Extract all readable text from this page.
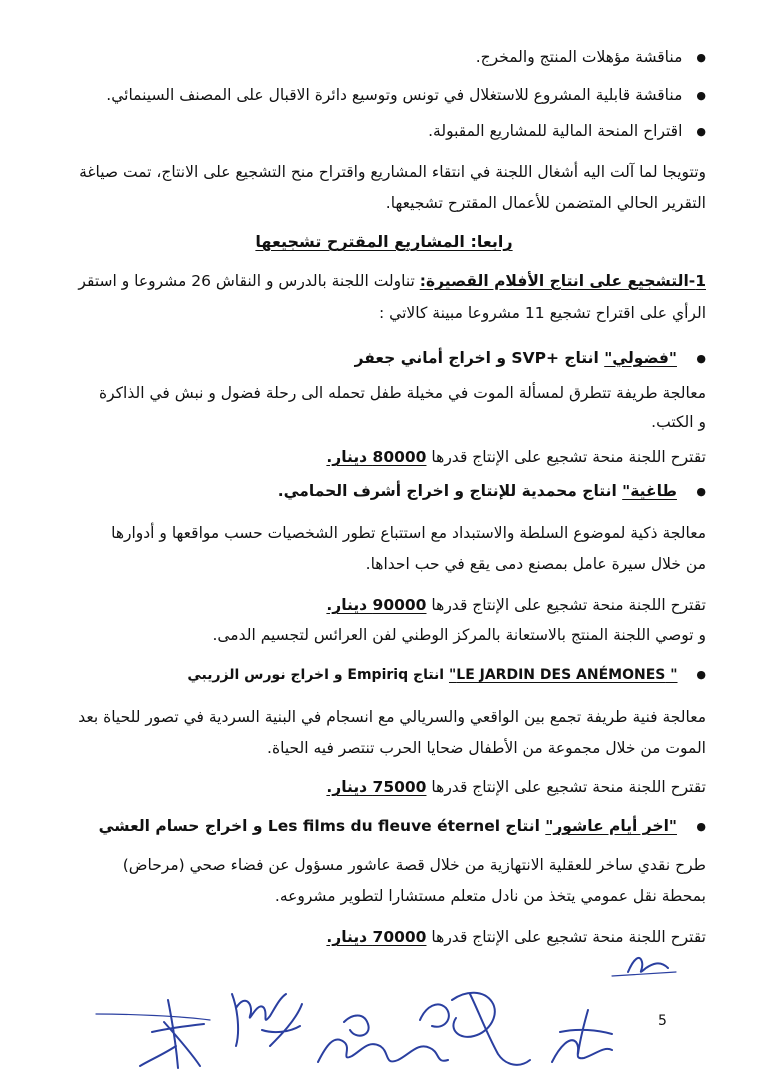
● مناقشة مؤهلات المنتج والمخرج.
● مناقشة قابلية المشروع للاستغلال في تونس وتوسيع دائرة الاقبال على المصنف السينمائي.
● اقتراح المنحة المالية للمشاريع المقبولة.
وتتويجا لما آلت اليه أشغال اللجنة في انتقاء المشاريع واقتراح منح التشجيع على الانتاج، تمت صياغة
التقرير الحالي المتضمن للأعمال المقترح تشجيعها.
رابعا: المشاريع المقترح تشجيعها
1-التشجيع على انتاج الأفلام القصيرة: تناولت اللجنة بالدرس و النقاش 26 مشروعا و استقر
الرأي على اقتراح تشجيع 11 مشروعا مبينة كالاتي :
● "فضولي" انتاج +SVP و اخراج أماني جعفر
معالجة طريفة تتطرق لمسألة الموت في مخيلة طفل تحمله الى رحلة فضول و نبش في الذاكرة
و الكتب.
تقترح اللجنة منحة تشجيع على الإنتاج قدرها 80000 دينار.
● طاغية" انتاج محمدية للإنتاج و اخراج أشرف الحمامي.
معالجة ذكية لموضوع السلطة والاستبداد مع استتباع تطور الشخصيات حسب مواقعها و أدوارها
من خلال سيرة عامل بمصنع دمى يقع في حب احداها.
تقترح اللجنة منحة تشجيع على الإنتاج قدرها 90000 دينار.
و توصي اللجنة المنتج بالاستعانة بالمركز الوطني لفن العرائس لتجسيم الدمى.
● " LE JARDIN DES ANÉMONES" انتاج Empiriq و اخراج نورس الزريبي
معالجة فنية طريفة تجمع بين الواقعي والسريالي مع انسجام في البنية السردية في تصور للحياة بعد
الموت من خلال مجموعة من الأطفال ضحايا الحرب تنتصر فيه الحياة.
تقترح اللجنة منحة تشجيع على الإنتاج قدرها 75000 دينار.
● "اخر أيام عاشور" انتاج Les films du fleuve éternel و اخراج حسام العشي
طرح نقدي ساخر للعقلية الانتهازية من خلال قصة عاشور مسؤول عن فضاء صحي (مرحاض)
بمحطة نقل عمومي يتخذ من نادل متعلم مستشارا لتطوير مشروعه.
تقترح اللجنة منحة تشجيع على الإنتاج قدرها 70000 دينار.
5
